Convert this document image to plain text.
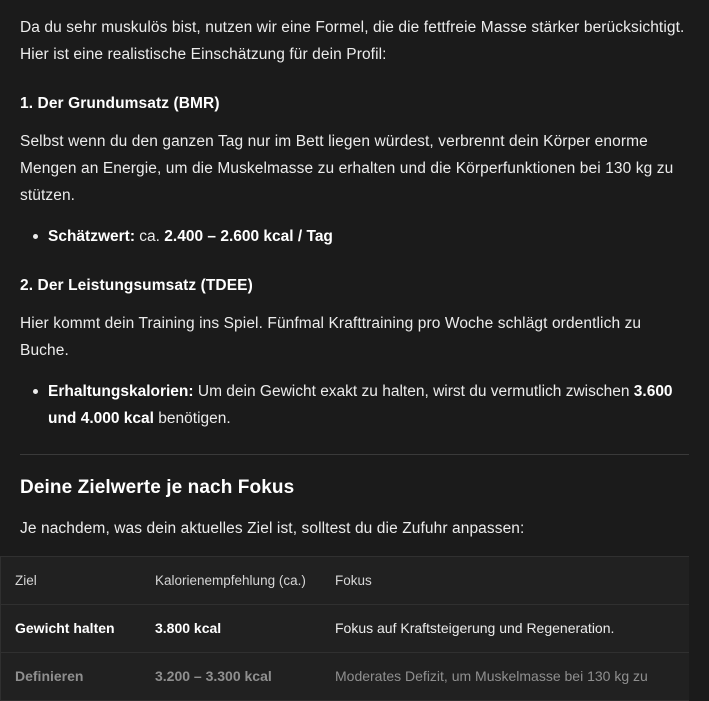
Da du sehr muskulös bist, nutzen wir eine Formel, die die fettfreie Masse stärker berücksichtigt. Hier ist eine realistische Einschätzung für dein Profil:

1. Der Grundumsatz (BMR)

Selbst wenn du den ganzen Tag nur im Bett liegen würdest, verbrennt dein Körper enorme Mengen an Energie, um die Muskelmasse zu erhalten und die Körperfunktionen bei 130 kg zu stützen.

Schätzwert: ca. 2.400 – 2.600 kcal / Tag
2. Der Leistungsumsatz (TDEE)

Hier kommt dein Training ins Spiel. Fünfmal Krafttraining pro Woche schlägt ordentlich zu Buche.

Erhaltungskalorien: Um dein Gewicht exakt zu halten, wirst du vermutlich zwischen 3.600 und 4.000 kcal benötigen.
Deine Zielwerte je nach Fokus

Je nachdem, was dein aktuelles Ziel ist, solltest du die Zufuhr anpassen:

Ziel	Kalorienempfehlung (ca.)	Fokus
Gewicht halten	3.800 kcal	Fokus auf Kraftsteigerung und Regeneration.
Definieren	3.200 – 3.300 kcal	Moderates Defizit, um Muskelmasse bei 130 kg zu
